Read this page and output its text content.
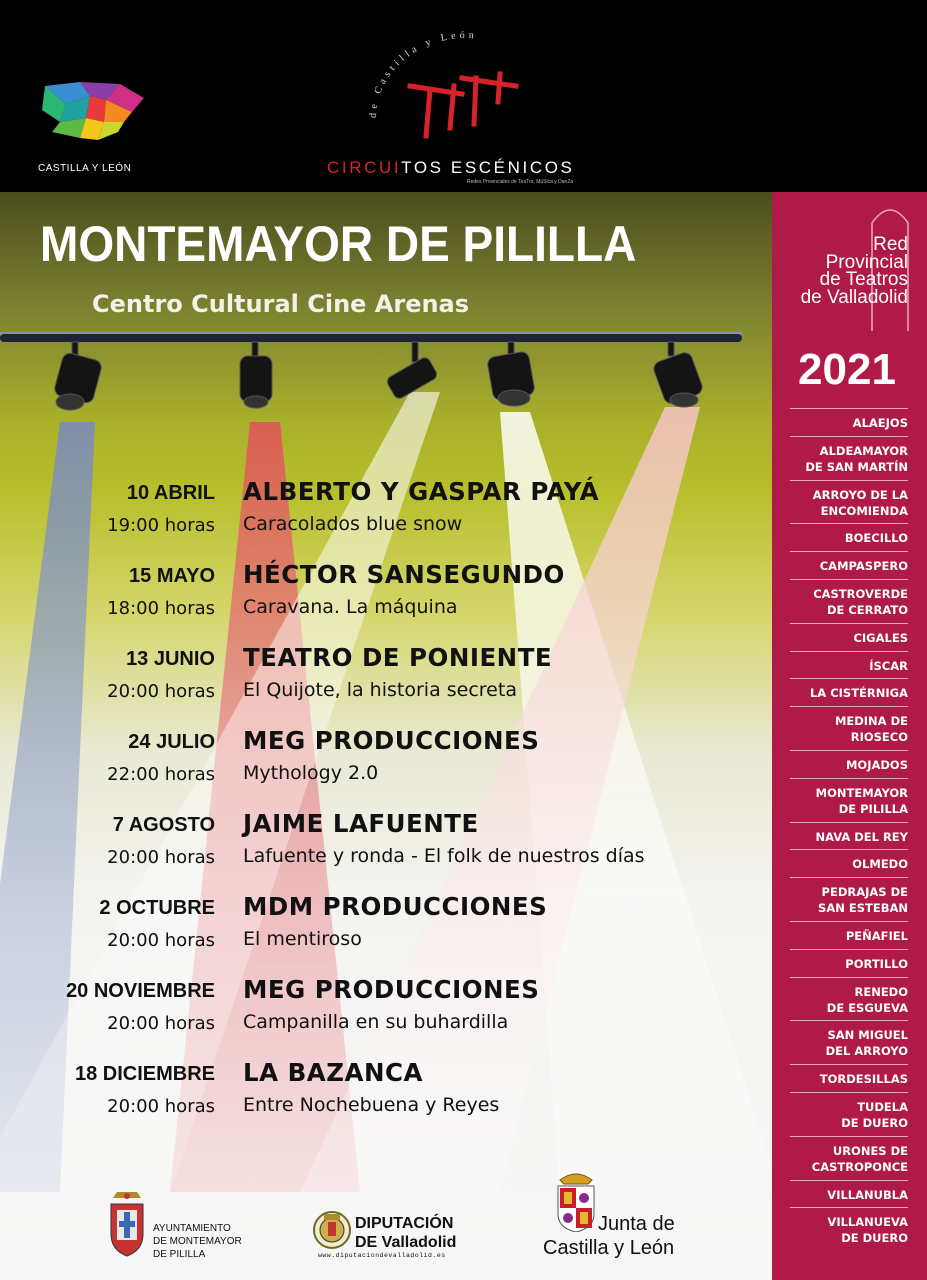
CASTILLA Y LEÓN
de Castilla y León
CIRCUITOS ESCÉNICOS
Redes Provinciales de TeaTro, MúSica y DanZa
MONTEMAYOR DE PILILLA
Centro Cultural Cine Arenas
10 ABRIL
19:00 horas
ALBERTO Y GASPAR PAYÁ
Caracolados blue snow
15 MAYO
18:00 horas
HÉCTOR SANSEGUNDO
Caravana. La máquina
13 JUNIO
20:00 horas
TEATRO DE PONIENTE
El Quijote, la historia secreta
24 JULIO
22:00 horas
MEG PRODUCCIONES
Mythology 2.0
7 AGOSTO
20:00 horas
JAIME LAFUENTE
Lafuente y ronda - El folk de nuestros días
2 OCTUBRE
20:00 horas
MDM PRODUCCIONES
El mentiroso
20 NOVIEMBRE
20:00 horas
MEG PRODUCCIONES
Campanilla en su buhardilla
18 DICIEMBRE
20:00 horas
LA BAZANCA
Entre Nochebuena y Reyes
AYUNTAMIENTO
DE MONTEMAYOR
DE PILILLA
DIPUTACIÓN
DE Valladolid
www.diputaciondevalladolid.es
Junta de
Castilla y León
Red
Provincial
de Teatros
de Valladolid
2021
ALAEJOS
ALDEAMAYOR
DE SAN MARTÍN
ARROYO DE LA
ENCOMIENDA
BOECILLO
CAMPASPERO
CASTROVERDE
DE CERRATO
CIGALES
ÍSCAR
LA CISTÉRNIGA
MEDINA DE
RIOSECO
MOJADOS
MONTEMAYOR
DE PILILLA
NAVA DEL REY
OLMEDO
PEDRAJAS DE
SAN ESTEBAN
PEÑAFIEL
PORTILLO
RENEDO
DE ESGUEVA
SAN MIGUEL
DEL ARROYO
TORDESILLAS
TUDELA
DE DUERO
URONES DE
CASTROPONCE
VILLANUBLA
VILLANUEVA
DE DUERO
